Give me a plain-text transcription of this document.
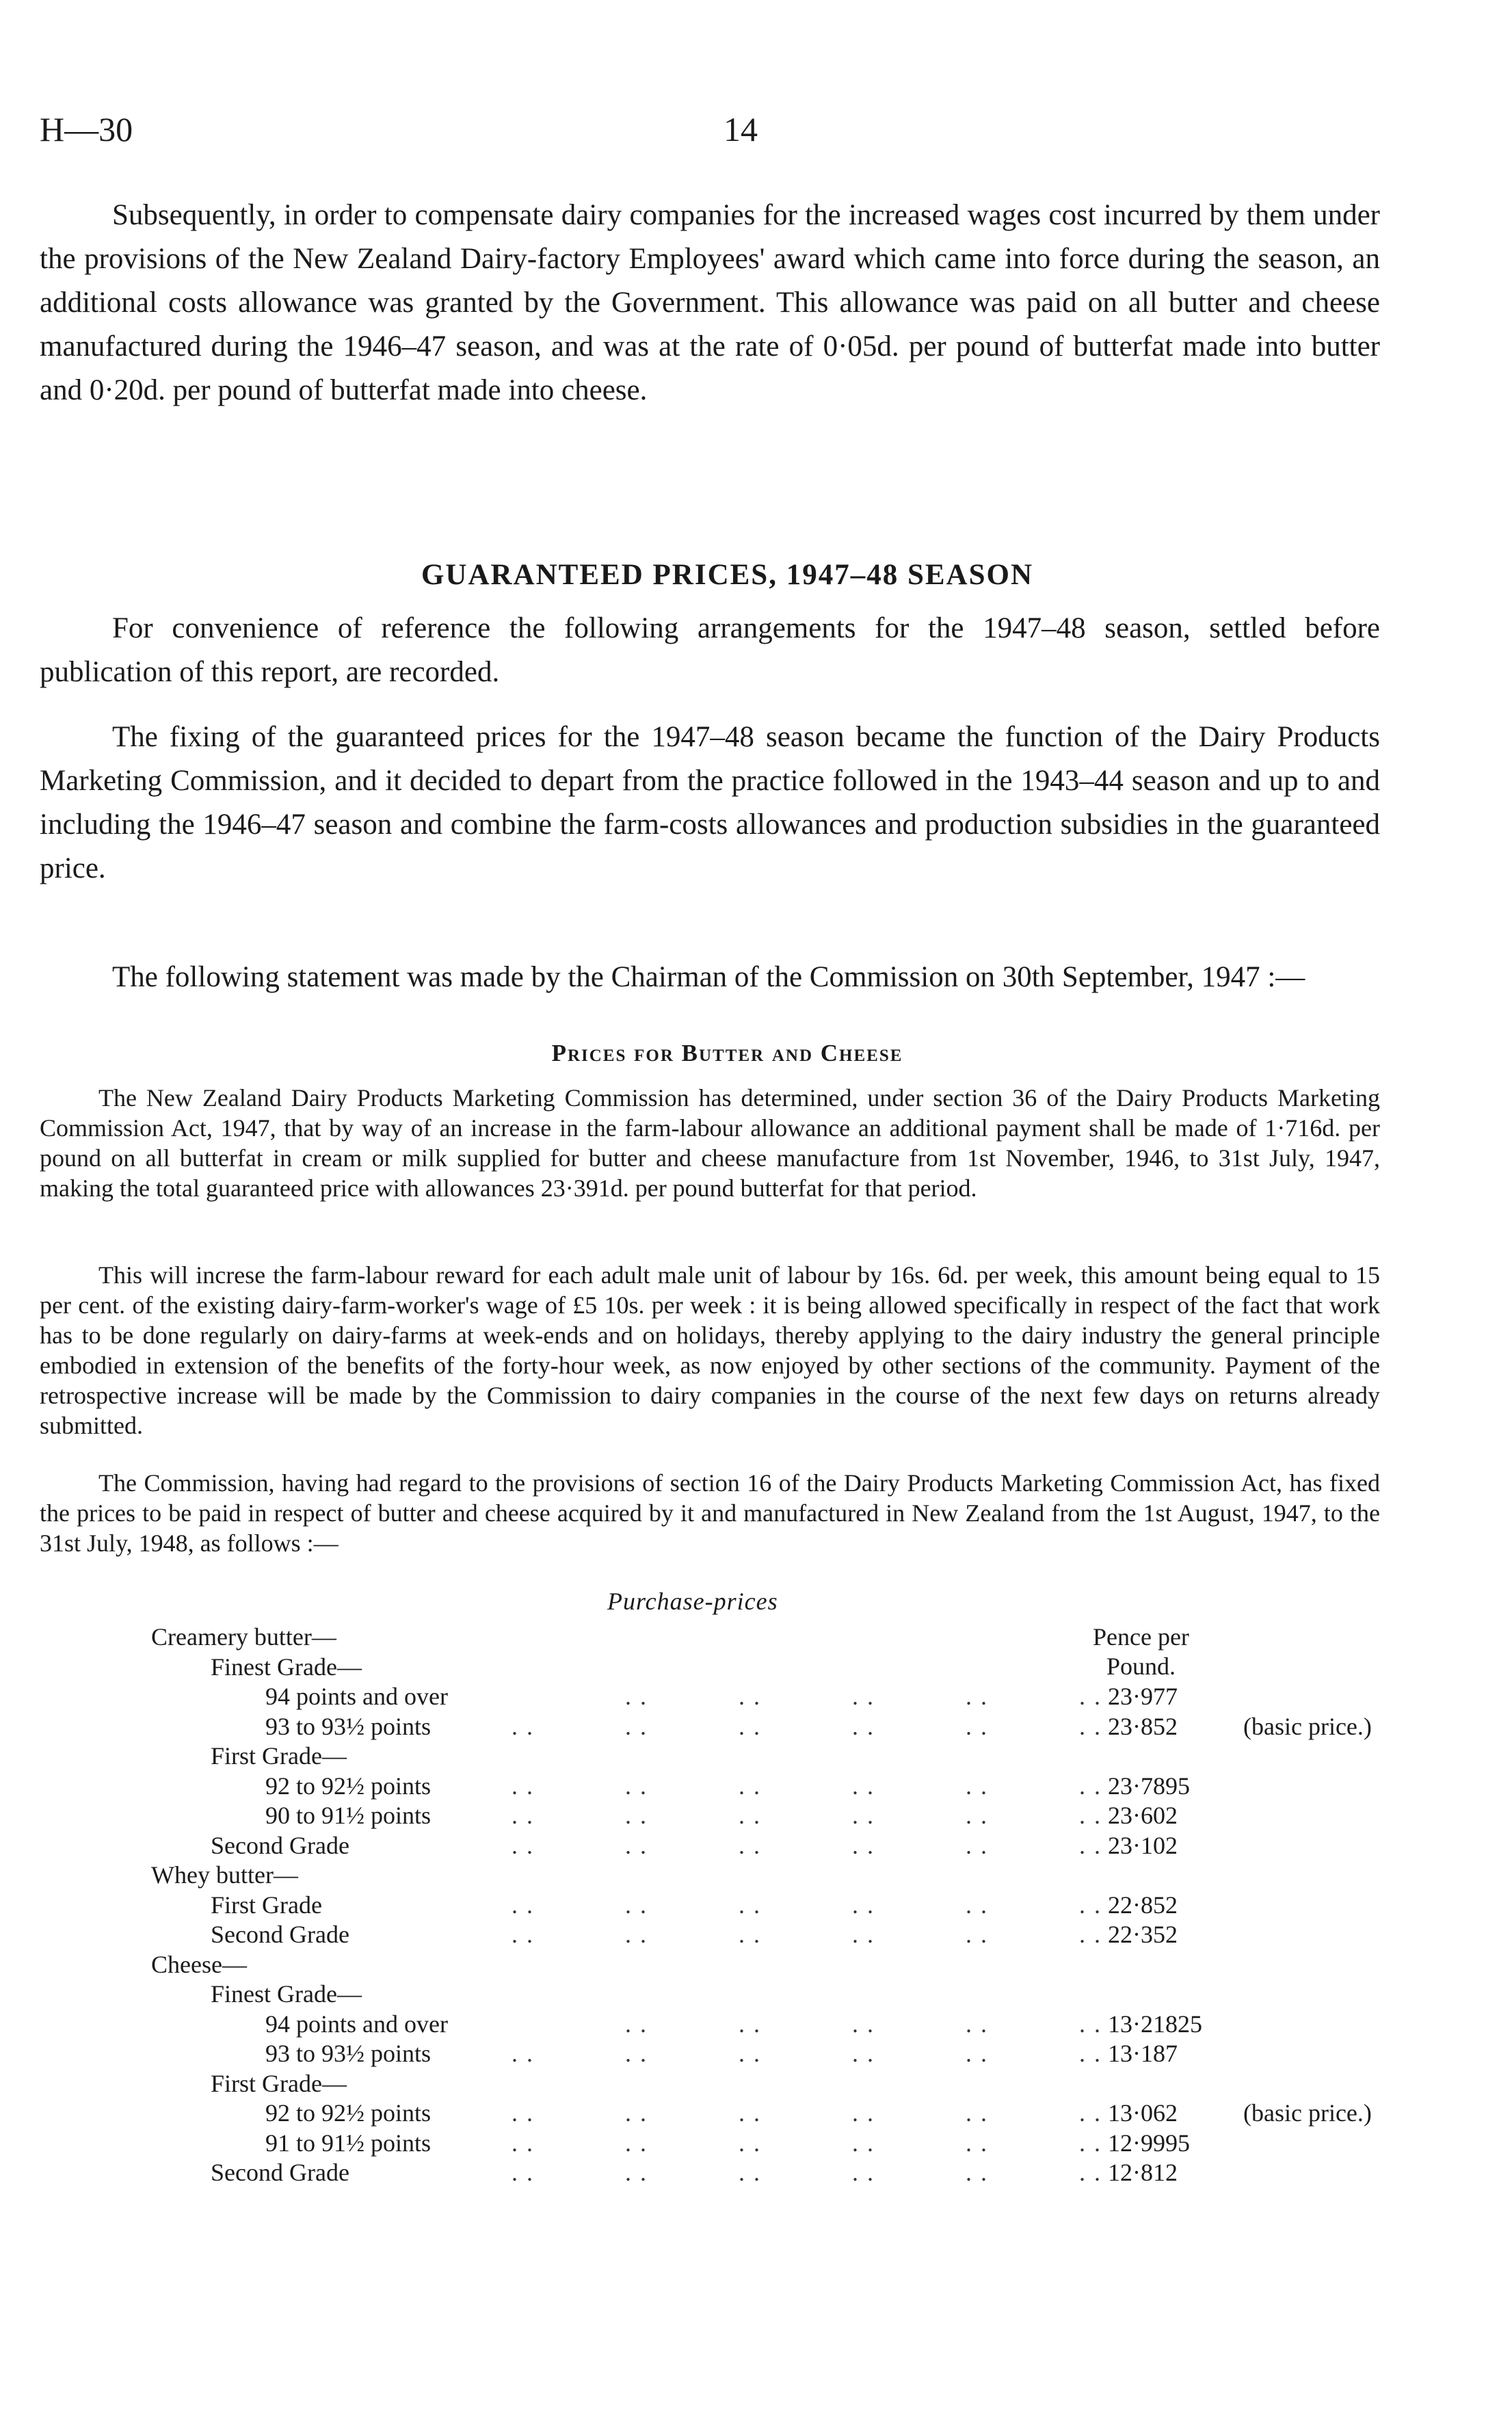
H—30	14

Subsequently, in order to compensate dairy companies for the increased wages cost incurred by them under the provisions of the New Zealand Dairy-factory Employees' award which came into force during the season, an additional costs allowance was granted by the Government. This allowance was paid on all butter and cheese manufactured during the 1946–47 season, and was at the rate of 0·05d. per pound of butterfat made into butter and 0·20d. per pound of butterfat made into cheese.

GUARANTEED PRICES, 1947–48 SEASON

For convenience of reference the following arrangements for the 1947–48 season, settled before publication of this report, are recorded.

The fixing of the guaranteed prices for the 1947–48 season became the function of the Dairy Products Marketing Commission, and it decided to depart from the practice followed in the 1943–44 season and up to and including the 1946–47 season and combine the farm-costs allowances and production subsidies in the guaranteed price.

The following statement was made by the Chairman of the Commission on 30th September, 1947 :—

Prices for Butter and Cheese

The New Zealand Dairy Products Marketing Commission has determined, under section 36 of the Dairy Products Marketing Commission Act, 1947, that by way of an increase in the farm-labour allowance an additional payment shall be made of 1·716d. per pound on all butterfat in cream or milk supplied for butter and cheese manufacture from 1st November, 1946, to 31st July, 1947, making the total guaranteed price with allowances 23·391d. per pound butterfat for that period.

This will increse the farm-labour reward for each adult male unit of labour by 16s. 6d. per week, this amount being equal to 15 per cent. of the existing dairy-farm-worker's wage of £5 10s. per week : it is being allowed specifically in respect of the fact that work has to be done regularly on dairy-farms at week-ends and on holidays, thereby applying to the dairy industry the general principle embodied in extension of the benefits of the forty-hour week, as now enjoyed by other sections of the community. Payment of the retrospective increase will be made by the Commission to dairy companies in the course of the next few days on returns already submitted.

The Commission, having had regard to the provisions of section 16 of the Dairy Products Marketing Commission Act, has fixed the prices to be paid in respect of butter and cheese acquired by it and manufactured in New Zealand from the 1st August, 1947, to the 31st July, 1948, as follows :—

Purchase-prices
Pence per
Pound.
Creamery butter—
Finest Grade—
94 points and over	. .	. .	. .	. .	. . 23·977
93 to 93½ points	. .	. .	. .	. .	. .	. . 23·852	(basic price.)
First Grade—
92 to 92½ points	. .	. .	. .	. .	. .	. . 23·7895
90 to 91½ points	. .	. .	. .	. .	. .	. . 23·602
Second Grade	. .	. .	. .	. .	. .	. . 23·102
Whey butter—
First Grade	. .	. .	. .	. .	. .	. . 22·852
Second Grade	. .	. .	. .	. .	. .	. . 22·352
Cheese—
Finest Grade—
94 points and over	. .	. .	. .	. .	. . 13·21825
93 to 93½ points	. .	. .	. .	. .	. .	. . 13·187
First Grade—
92 to 92½ points	. .	. .	. .	. .	. .	. . 13·062	(basic price.)
91 to 91½ points	. .	. .	. .	. .	. .	. . 12·9995
Second Grade	. .	. .	. .	. .	. .	. . 12·812
